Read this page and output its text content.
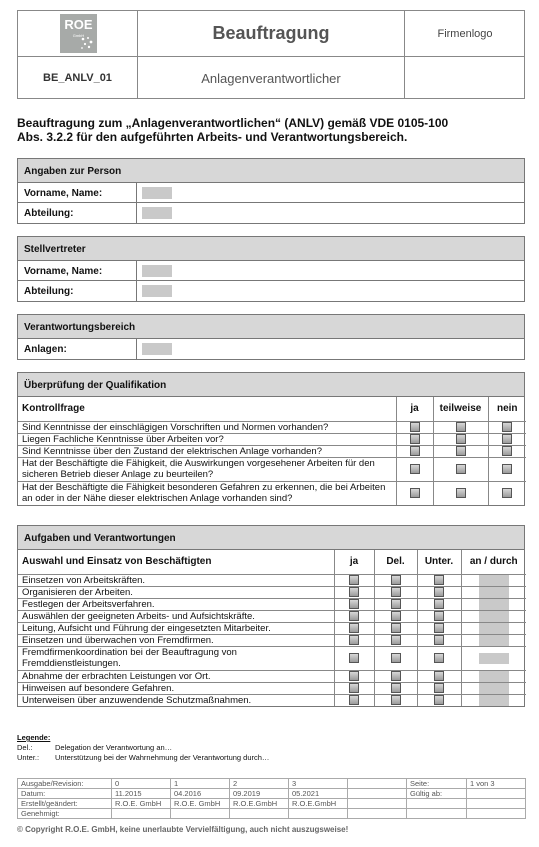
ROE
GmbH	Beauftragung	Firmenlogo
BE_ANLV_01	Anlagenverantwortlicher
Beauftragung zum „Anlagenverantwortlichen“ (ANLV) gemäß VDE 0105-100
Abs. 3.2.2 für den aufgeführten Arbeits- und Verantwortungsbereich.
Angaben zur Person
Vorname, Name:
Abteilung:
Stellvertreter
Vorname, Name:
Abteilung:
Verantwortungsbereich
Anlagen:
Überprüfung der Qualifikation
Kontrollfrage	ja	teilweise	nein
Sind Kenntnisse der einschlägigen Vorschriften und Normen vorhanden?			
Liegen Fachliche Kenntnisse über Arbeiten vor?			
Sind Kenntnisse über den Zustand der elektrischen Anlage vorhanden?			
Hat der Beschäftigte die Fähigkeit, die Auswirkungen vorgesehener Arbeiten für den sicheren Betrieb dieser Anlage zu beurteilen?			
Hat der Beschäftigte die Fähigkeit besonderen Gefahren zu erkennen, die bei Arbeiten an oder in der Nähe dieser elektrischen Anlage vorhanden sind?			
Aufgaben und Verantwortungen
Auswahl und Einsatz von Beschäftigten	ja	Del.	Unter.	an / durch
Einsetzen von Arbeitskräften.				

Organisieren der Arbeiten.				

Festlegen der Arbeitsverfahren.				

Auswählen der geeigneten Arbeits- und Aufsichtskräfte.				

Leitung, Aufsicht und Führung der eingesetzten Mitarbeiter.				

Einsetzen und überwachen von Fremdfirmen.				

Fremdfirmenkoordination bei der Beauftragung von Fremddienstleistungen.				

Abnahme der erbrachten Leistungen vor Ort.				

Hinweisen auf besondere Gefahren.				

Unterweisen über anzuwendende Schutzmaßnahmen.				
Legende:
Del.:	Delegation der Verantwortung an…
Unter.: Unterstützung bei der Wahrnehmung der Verantwortung durch…
Ausgabe/Revision:	0	1	2	3		Seite:	1 von 3
Datum:	11.2015	04.2016	09.2019	05.2021		Gültig ab:	
Erstellt/geändert:	R.O.E. GmbH	R.O.E. GmbH	R.O.E.GmbH	R.O.E.GmbH			
Genehmigt:							
© Copyright R.O.E. GmbH, keine unerlaubte Vervielfältigung, auch nicht auszugsweise!
